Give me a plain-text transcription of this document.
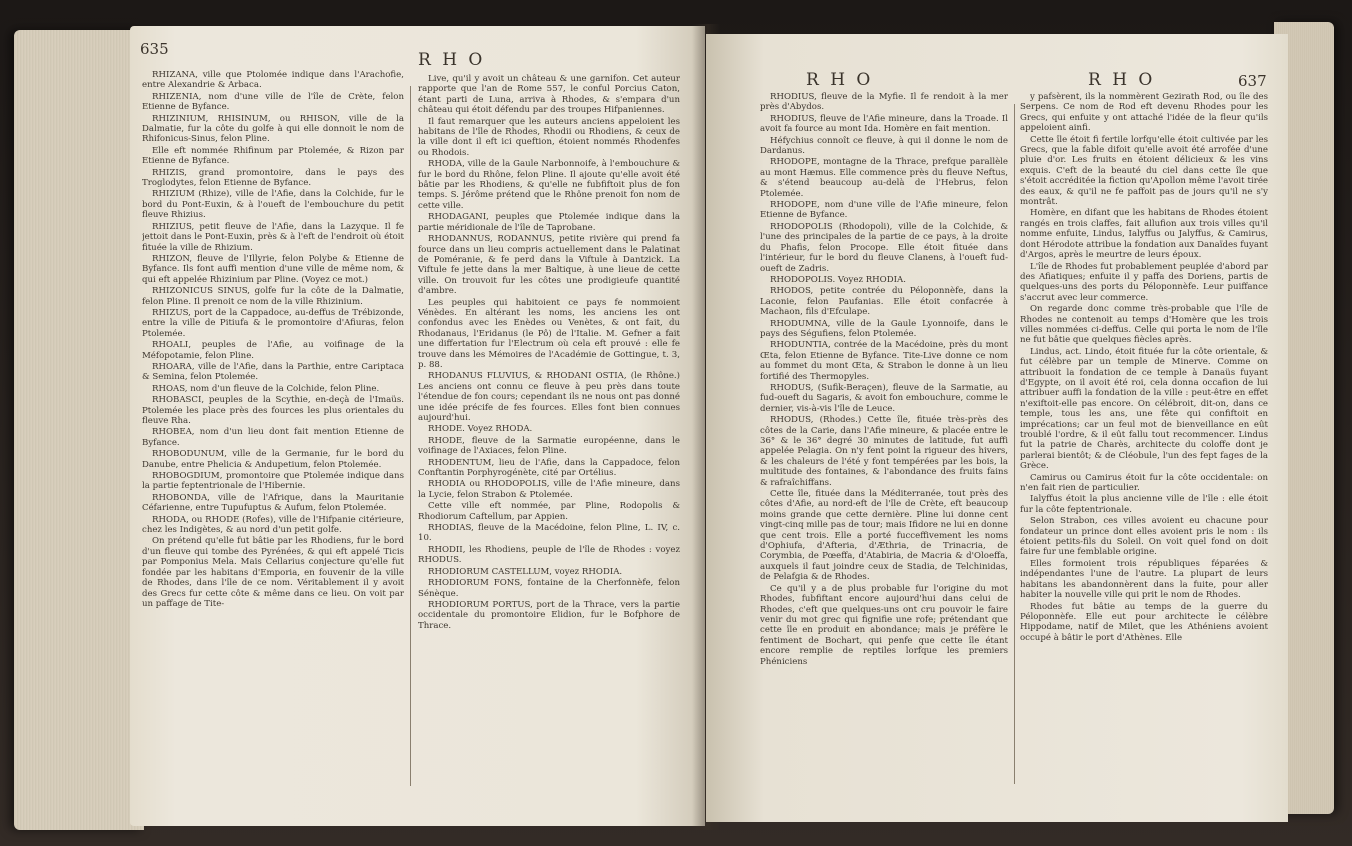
635
R H O

RHIZANA, ville que Ptolomée indique dans l'Arachofie, entre Alexandrie & Arbaca.

RHIZENIA, nom d'une ville de l'île de Crète, felon Etienne de Byfance.

RHIZINIUM, RHISINUM, ou RHISON, ville de la Dalmatie, fur la côte du golfe à qui elle donnoit le nom de Rhifonicus-Sinus, felon Pline.

Elle eft nommée Rhifinum par Ptolemée, & Rizon par Etienne de Byfance.

RHIZIS, grand promontoire, dans le pays des Troglodytes, felon Etienne de Byfance.

RHIZIUM (Rhize), ville de l'Afie, dans la Colchide, fur le bord du Pont-Euxin, & à l'oueft de l'embouchure du petit fleuve Rhizius.

RHIZIUS, petit fleuve de l'Afie, dans la Lazyque. Il fe jettoit dans le Pont-Euxin, près & à l'eft de l'endroit où étoit fituée la ville de Rhizium.

RHIZON, fleuve de l'Illyrie, felon Polybe & Etienne de Byfance. Ils font auffi mention d'une ville de même nom, & qui eft appelée Rhizinium par Pline. (Voyez ce mot.)

RHIZONICUS SINUS, golfe fur la côte de la Dalmatie, felon Pline. Il prenoit ce nom de la ville Rhizinium.

RHIZUS, port de la Cappadoce, au-deffus de Trébizonde, entre la ville de Pitiufa & le promontoire d'Afiuras, felon Ptolemée.

RHOALI, peuples de l'Afie, au voifinage de la Méfopotamie, felon Pline.

RHOARA, ville de l'Afie, dans la Parthie, entre Cariptaca & Semina, felon Ptolemée.

RHOAS, nom d'un fleuve de la Colchide, felon Pline.

RHOBASCI, peuples de la Scythie, en-deçà de l'Imaüs. Ptolemée les place près des fources les plus orientales du fleuve Rha.

RHOBEA, nom d'un lieu dont fait mention Etienne de Byfance.

RHOBODUNUM, ville de la Germanie, fur le bord du Danube, entre Phelicia & Andupetium, felon Ptolemée.

RHOBOGDIUM, promontoire que Ptolemée indique dans la partie feptentrionale de l'Hibernie.

RHOBONDA, ville de l'Afrique, dans la Mauritanie Céfarienne, entre Tupufuptus & Aufum, felon Ptolemée.

RHODA, ou RHODE (Rofes), ville de l'Hifpanie citérieure, chez les Indigètes, & au nord d'un petit golfe.

On prétend qu'elle fut bâtie par les Rhodiens, fur le bord d'un fleuve qui tombe des Pyrénées, & qui eft appelé Ticis par Pomponius Mela. Mais Cellarius conjecture qu'elle fut fondée par les habitans d'Emporia, en fouvenir de la ville de Rhodes, dans l'île de ce nom. Véritablement il y avoit des Grecs fur cette côte & même dans ce lieu. On voit par un paffage de Tite-

Live, qu'il y avoit un château & une garnifon. Cet auteur rapporte que l'an de Rome 557, le conful Porcius Caton, étant parti de Luna, arriva à Rhodes, & s'empara d'un château qui étoit défendu par des troupes Hifpaniennes.

Il faut remarquer que les auteurs anciens appeloient les habitans de l'île de Rhodes, Rhodii ou Rhodiens, & ceux de la ville dont il eft ici queftion, étoient nommés Rhodenfes ou Rhodois.

RHODA, ville de la Gaule Narbonnoife, à l'embouchure & fur le bord du Rhône, felon Pline. Il ajoute qu'elle avoit été bâtie par les Rhodiens, & qu'elle ne fubfiftoit plus de fon temps. S. Jérôme prétend que le Rhône prenoit fon nom de cette ville.

RHODAGANI, peuples que Ptolemée indique dans la partie méridionale de l'île de Taprobane.

RHODANNUS, RODANNUS, petite rivière qui prend fa fource dans un lieu compris actuellement dans le Palatinat de Poméranie, & fe perd dans la Viftule à Dantzick. La Viftule fe jette dans la mer Baltique, à une lieue de cette ville. On trouvoit fur les côtes une prodigieufe quantité d'ambre.

Les peuples qui habitoient ce pays fe nommoient Vénèdes. En altérant les noms, les anciens les ont confondus avec les Enèdes ou Venètes, & ont fait, du Rhodanaus, l'Eridanus (le Pô) de l'Italie. M. Gefner a fait une differtation fur l'Electrum où cela eft prouvé : elle fe trouve dans les Mémoires de l'Académie de Gottingue, t. 3, p. 88.

RHODANUS FLUVIUS, & RHODANI OSTIA, (le Rhône.) Les anciens ont connu ce fleuve à peu près dans toute l'étendue de fon cours; cependant ils ne nous ont pas donné une idée précife de fes fources. Elles font bien connues aujourd'hui.

RHODE. Voyez RHODA.

RHODE, fleuve de la Sarmatie européenne, dans le voifinage de l'Axiaces, felon Pline.

RHODENTUM, lieu de l'Afie, dans la Cappadoce, felon Conftantin Porphyrogénète, cité par Ortélius.

RHODIA ou RHODOPOLIS, ville de l'Afie mineure, dans la Lycie, felon Strabon & Ptolemée.

Cette ville eft nommée, par Pline, Rodopolis & Rhodiorum Caftellum, par Appien.

RHODIAS, fleuve de la Macédoine, felon Pline, L. IV, c. 10.

RHODII, les Rhodiens, peuple de l'île de Rhodes : voyez RHODUS.

RHODIORUM CASTELLUM, voyez RHODIA.

RHODIORUM FONS, fontaine de la Cherfonnèfe, felon Sénèque.

RHODIORUM PORTUS, port de la Thrace, vers la partie occidentale du promontoire Elidion, fur le Bofphore de Thrace.

R H O	R H O	637

RHODIUS, fleuve de la Myfie. Il fe rendoit à la mer près d'Abydos.

RHODIUS, fleuve de l'Afie mineure, dans la Troade. Il avoit fa fource au mont Ida. Homère en fait mention.

Héfychius connoît ce fleuve, à qui il donne le nom de Dardanus.

RHODOPE, montagne de la Thrace, prefque parallèle au mont Hæmus. Elle commence près du fleuve Neftus, & s'étend beaucoup au-delà de l'Hebrus, felon Ptolemée.

RHODOPE, nom d'une ville de l'Afie mineure, felon Etienne de Byfance.

RHODOPOLIS (Rhodopoli), ville de la Colchide, & l'une des principales de la partie de ce pays, à la droite du Phafis, felon Procope. Elle étoit fituée dans l'intérieur, fur le bord du fleuve Clanens, à l'oueft fud-oueft de Zadris.

RHODOPOLIS. Voyez RHODIA.

RHODOS, petite contrée du Péloponnèfe, dans la Laconie, felon Paufanias. Elle étoit confacrée à Machaon, fils d'Efculape.

RHODUMNA, ville de la Gaule Lyonnoife, dans le pays des Ségufiens, felon Ptolemée.

RHODUNTIA, contrée de la Macédoine, près du mont Œta, felon Etienne de Byfance. Tite-Live donne ce nom au fommet du mont Œta, & Strabon le donne à un lieu fortifié des Thermopyles.

RHODUS, (Sufik-Beraçen), fleuve de la Sarmatie, au fud-oueft du Sagaris, & avoit fon embouchure, comme le dernier, vis-à-vis l'île de Leuce.

RHODUS, (Rhodes.) Cette île, fituée très-près des côtes de la Carie, dans l'Afie mineure, & placée entre le 36° & le 36° degré 30 minutes de latitude, fut auffi appelée Pelagia. On n'y fent point la rigueur des hivers, & les chaleurs de l'été y font tempérées par les bois, la multitude des fontaines, & l'abondance des fruits fains & rafraîchiffans.

Cette île, fituée dans la Méditerranée, tout près des côtes d'Afie, au nord-eft de l'île de Crète, eft beaucoup moins grande que cette dernière. Pline lui donne cent vingt-cinq mille pas de tour; mais Ifidore ne lui en donne que cent trois. Elle a porté fucceffivement les noms d'Ophiufa, d'Afteria, d'Æthria, de Trinacria, de Corymbia, de Pœeffa, d'Atabiria, de Macria & d'Oloeffa, auxquels il faut joindre ceux de Stadia, de Telchinidas, de Pelafgia & de Rhodes.

Ce qu'il y a de plus probable fur l'origine du mot Rhodes, fubfiftant encore aujourd'hui dans celui de Rhodes, c'eft que quelques-uns ont cru pouvoir le faire venir du mot grec qui fignifie une rofe; prétendant que cette île en produit en abondance; mais je préfère le fentiment de Bochart, qui penfe que cette île étant encore remplie de reptiles lorfque les premiers Phéniciens

y pafsèrent, ils la nommèrent Gezirath Rod, ou île des Serpens. Ce nom de Rod eft devenu Rhodes pour les Grecs, qui enfuite y ont attaché l'idée de la fleur qu'ils appeloient ainfi.

Cette île étoit fi fertile lorfqu'elle étoit cultivée par les Grecs, que la fable difoit qu'elle avoit été arrofée d'une pluie d'or. Les fruits en étoient délicieux & les vins exquis. C'eft de la beauté du ciel dans cette île que s'étoit accréditée la fiction qu'Apollon même l'avoit tirée des eaux, & qu'il ne fe paffoit pas de jours qu'il ne s'y montrât.

Homère, en difant que les habitans de Rhodes étoient rangés en trois claffes, fait allufion aux trois villes qu'il nomme enfuite, Lindus, Ialyffus ou Jalyffus, & Camirus, dont Hérodote attribue la fondation aux Danaïdes fuyant d'Argos, après le meurtre de leurs époux.

L'île de Rhodes fut probablement peuplée d'abord par des Afiatiques; enfuite il y paffa des Doriens, partis de quelques-uns des ports du Péloponnèfe. Leur puiffance s'accrut avec leur commerce.

On regarde donc comme très-probable que l'île de Rhodes ne contenoit au temps d'Homère que les trois villes nommées ci-deffus. Celle qui porta le nom de l'île ne fut bâtie que quelques fiècles après.

Lindus, act. Lindo, étoit fituée fur la côte orientale, & fut célèbre par un temple de Minerve. Comme on attribuoit la fondation de ce temple à Danaüs fuyant d'Egypte, on il avoit été roi, cela donna occafion de lui attribuer auffi la fondation de la ville : peut-être en effet n'exiftoit-elle pas encore. On célébroit, dit-on, dans ce temple, tous les ans, une fête qui confiftoit en imprécations; car un feul mot de bienveillance en eût troublé l'ordre, & il eût fallu tout recommencer. Lindus fut la patrie de Charès, architecte du coloffe dont je parlerai bientôt; & de Cléobule, l'un des fept fages de la Grèce.

Camirus ou Camirus étoit fur la côte occidentale: on n'en fait rien de particulier.

Ialyffus étoit la plus ancienne ville de l'île : elle étoit fur la côte feptentrionale.

Selon Strabon, ces villes avoient eu chacune pour fondateur un prince dont elles avoient pris le nom : ils étoient petits-fils du Soleil. On voit quel fond on doit faire fur une femblable origine.

Elles formoient trois républiques féparées & indépendantes l'une de l'autre. La plupart de leurs habitans les abandonnèrent dans la fuite, pour aller habiter la nouvelle ville qui prit le nom de Rhodes.

Rhodes fut bâtie au temps de la guerre du Péloponnèfe. Elle eut pour architecte le célèbre Hippodame, natif de Milet, que les Athéniens avoient occupé à bâtir le port d'Athènes. Elle
